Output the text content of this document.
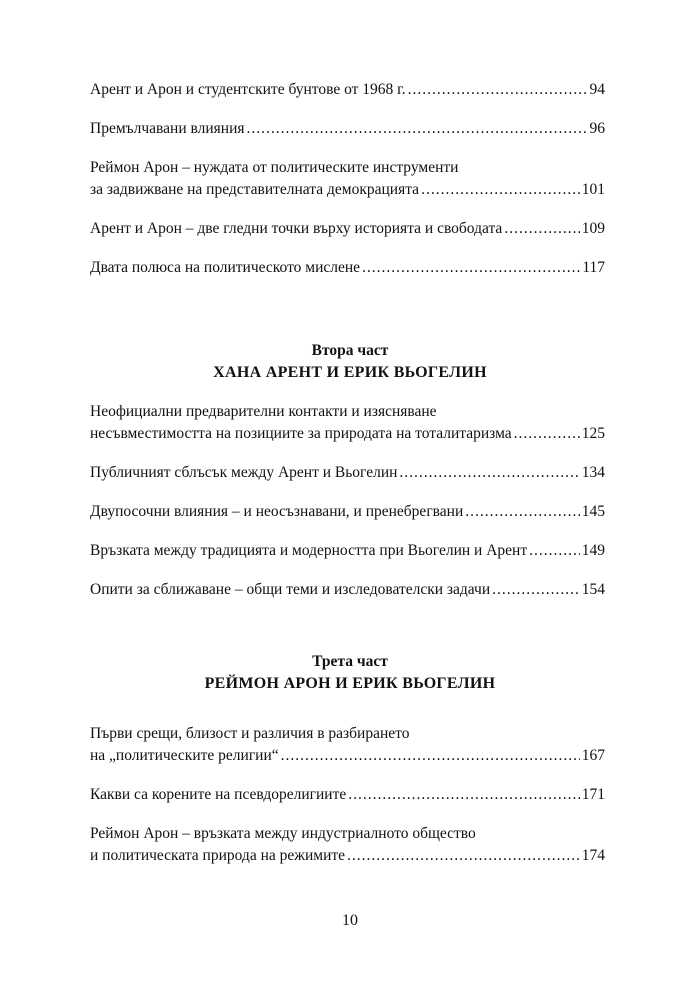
Арент и Арон и студентските бунтове от 1968 г. .....	94
Премълчавани влияния .....	96
Реймон Арон – нуждата от политическите инструменти
за задвижване на представителната демокрацията .....	101
Арент и Арон – две гледни точки върху историята и свободата .....	109
Двата полюса на политическото мислене .....	117
Втора част
ХАНА АРЕНТ И ЕРИК ВЬОГЕЛИН
Неофициални предварителни контакти и изясняване
несъвместимостта на позициите за природата на тоталитаризма .....	125
Публичният сблъсък между Арент и Вьогелин .....	134
Двупосочни влияния – и неосъзнавани, и пренебрегвани .....	145
Връзката между традицията и модерността при Вьогелин и Арент .....	149
Опити за сближаване – общи теми и изследователски задачи .....	154
Трета част
РЕЙМОН АРОН И ЕРИК ВЬОГЕЛИН
Първи срещи, близост и различия в разбирането
на „политическите религии“ .....	167
Какви са корените на псевдорелигиите .....	171
Реймон Арон – връзката между индустриалното общество
и политическата природа на режимите .....	174
10
